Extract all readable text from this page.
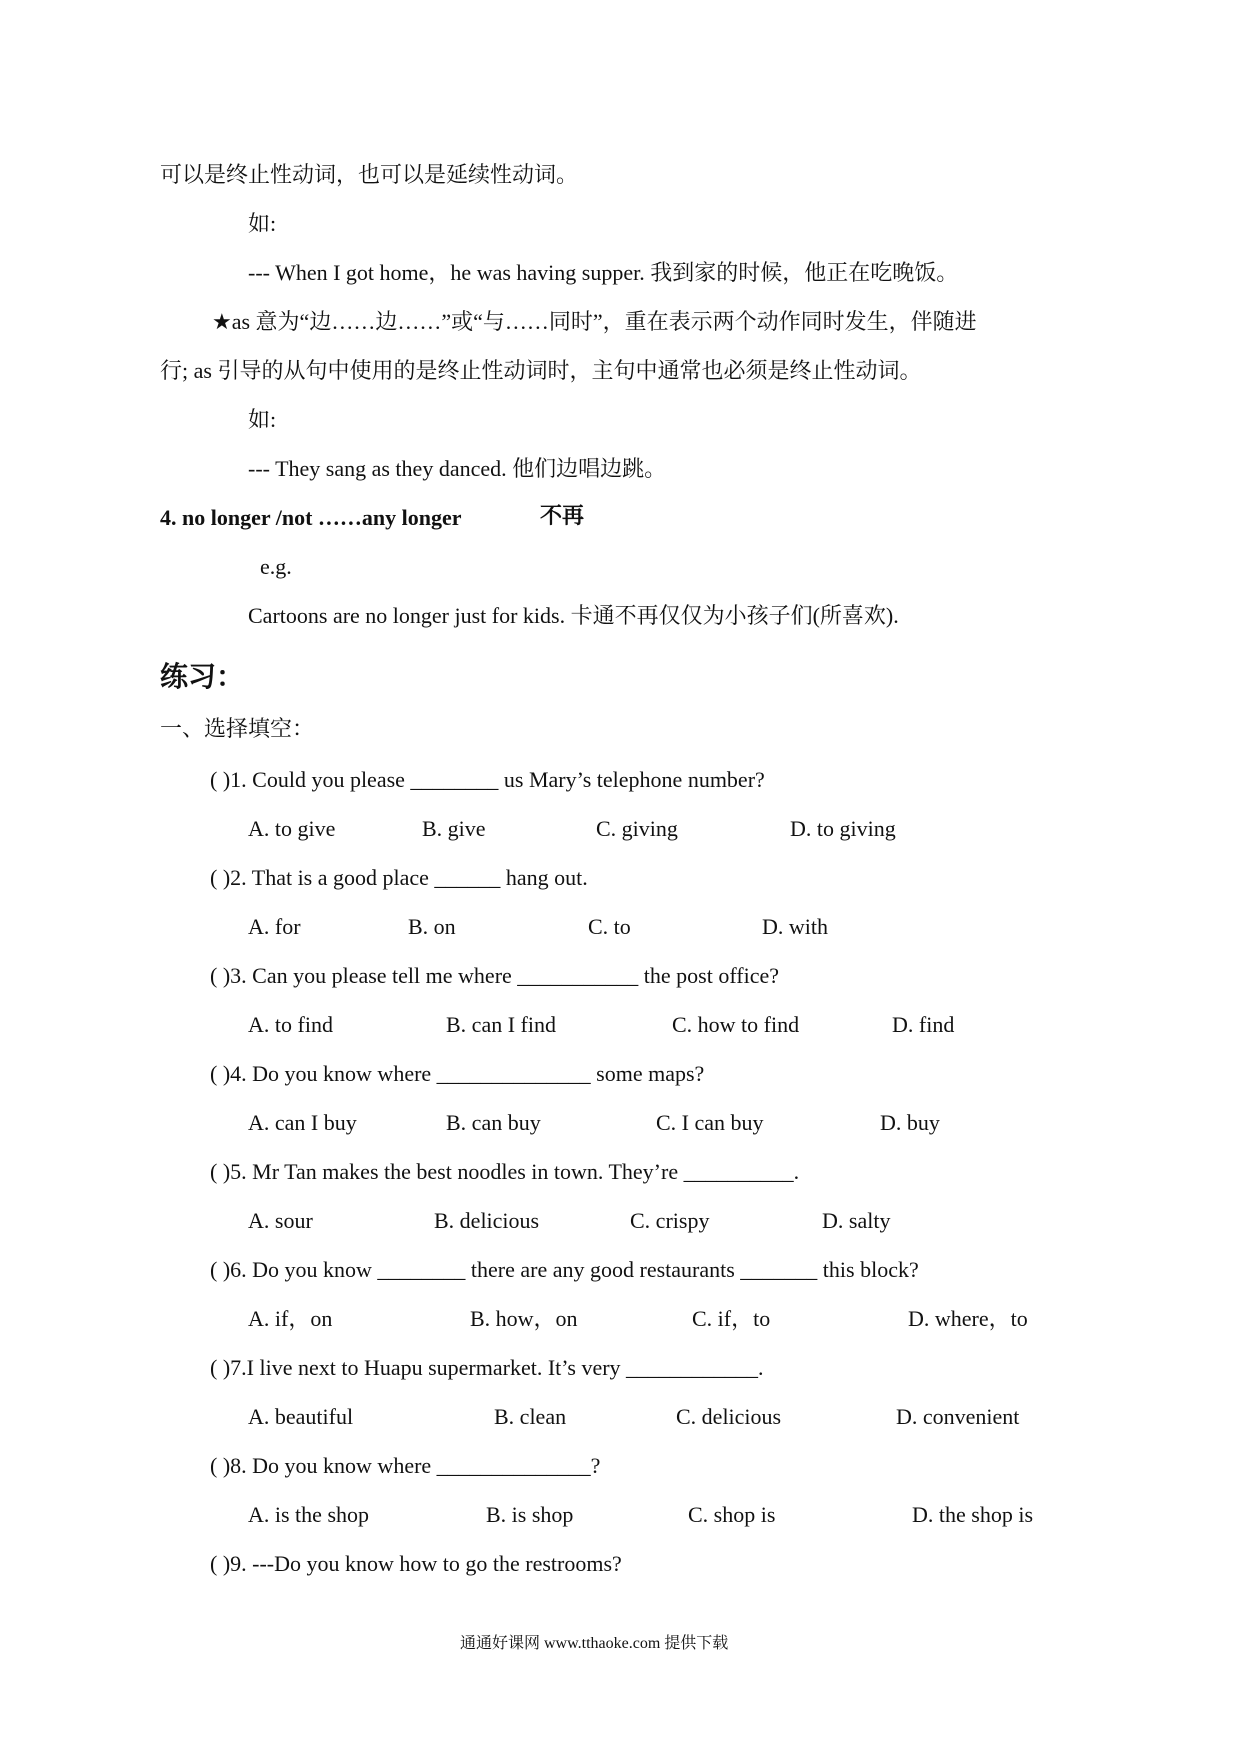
可以是终止性动词，也可以是延续性动词。
如:
--- When I got home，he was having supper. 我到家的时候，他正在吃晚饭。
★as 意为“边……边……”或“与……同时”，重在表示两个动作同时发生，伴随进
行; as 引导的从句中使用的是终止性动词时，主句中通常也必须是终止性动词。
如:
--- They sang as they danced. 他们边唱边跳。
4. no longer /not ……any longer	不再
e.g.
Cartoons are no longer just for kids. 卡通不再仅仅为小孩子们(所喜欢).
练习：
一、选择填空：
( )1. Could you please ________ us Mary’s telephone number?
A. to give	B. give	C. giving	D. to giving
( )2. That is a good place ______ hang out.
A. for	B. on	C. to	D. with
( )3. Can you please tell me where ___________ the post office?
A. to find	B. can I find	C. how to find	D. find
( )4. Do you know where ______________ some maps?
A. can I buy	B. can buy	C. I can buy	D. buy
( )5. Mr Tan makes the best noodles in town. They’re __________.
A. sour	B. delicious	C. crispy	D. salty
( )6. Do you know ________ there are any good restaurants _______ this block?
A. if，on	B. how，on	C. if，to	D. where，to
( )7.I live next to Huapu supermarket. It’s very ____________.
A. beautiful	B. clean	C. delicious	D. convenient
( )8. Do you know where ______________?
A. is the shop	B. is shop	C. shop is	D. the shop is
( )9. ---Do you know how to go the restrooms?
通通好课网 www.tthaoke.com 提供下载
